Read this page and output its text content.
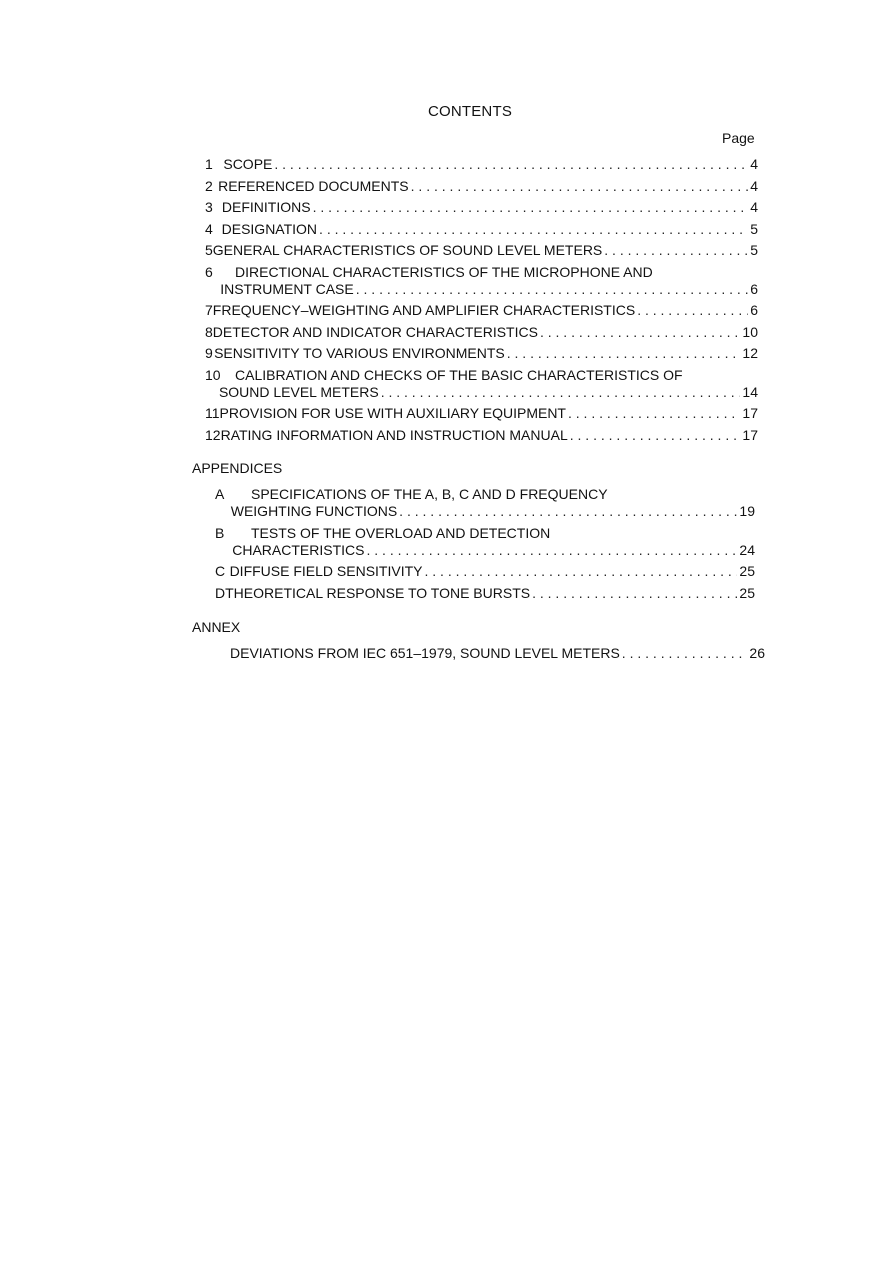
CONTENTS
Page
1 SCOPE . . .	4
2 REFERENCED DOCUMENTS . . .	4
3 DEFINITIONS . . .	4
4 DESIGNATION . . .	5
5 GENERAL CHARACTERISTICS OF SOUND LEVEL METERS . . .	5
6	DIRECTIONAL CHARACTERISTICS OF THE MICROPHONE AND
INSTRUMENT CASE . . .	6
7 FREQUENCY–WEIGHTING AND AMPLIFIER CHARACTERISTICS . . .	6
8 DETECTOR AND INDICATOR CHARACTERISTICS . . .	10
9 SENSITIVITY TO VARIOUS ENVIRONMENTS . . .	12
10	CALIBRATION AND CHECKS OF THE BASIC CHARACTERISTICS OF
SOUND LEVEL METERS . . .	14
11 PROVISION FOR USE WITH AUXILIARY EQUIPMENT . . .	17
12 RATING INFORMATION AND INSTRUCTION MANUAL . . .	17
APPENDICES
A	SPECIFICATIONS OF THE A, B, C AND D FREQUENCY
WEIGHTING FUNCTIONS . . .	19
B	TESTS OF THE OVERLOAD AND DETECTION
CHARACTERISTICS . . .	24
C DIFFUSE FIELD SENSITIVITY . . .	25
D THEORETICAL RESPONSE TO TONE BURSTS . . .	25
ANNEX
DEVIATIONS FROM IEC 651–1979, SOUND LEVEL METERS . . .	26
